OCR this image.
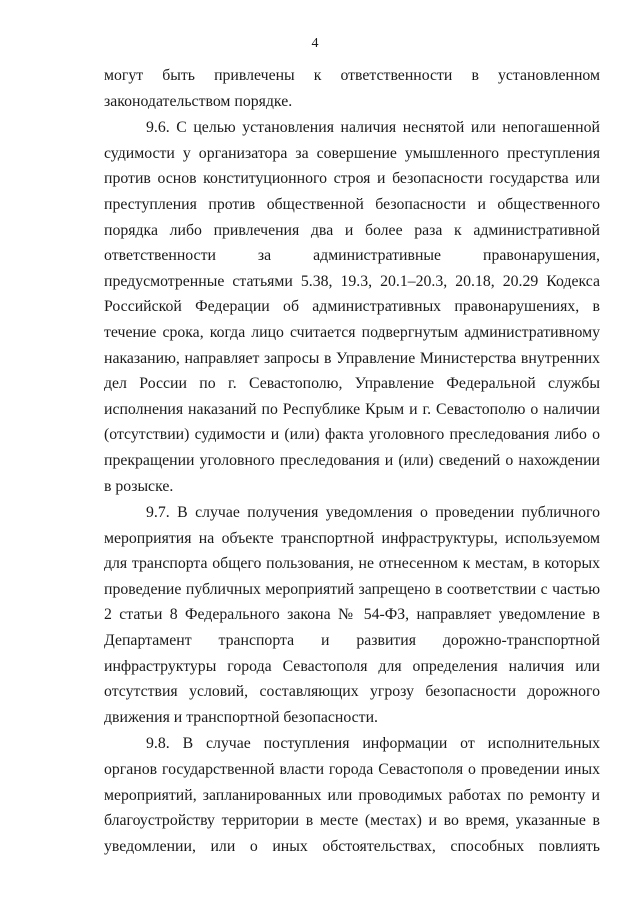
4

могут быть привлечены к ответственности в установленном законодательством порядке.

9.6. С целью установления наличия неснятой или непогашенной судимости у организатора за совершение умышленного преступления против основ конституционного строя и безопасности государства или преступления против общественной безопасности и общественного порядка либо привлечения два и более раза к административной ответственности за административные правонарушения, предусмотренные статьями 5.38, 19.3, 20.1–20.3, 20.18, 20.29 Кодекса Российской Федерации об административных правонарушениях, в течение срока, когда лицо считается подвергнутым административному наказанию, направляет запросы в Управление Министерства внутренних дел России по г. Севастополю, Управление Федеральной службы исполнения наказаний по Республике Крым и г. Севастополю о наличии (отсутствии) судимости и (или) факта уголовного преследования либо о прекращении уголовного преследования и (или) сведений о нахождении в розыске.

9.7. В случае получения уведомления о проведении публичного мероприятия на объекте транспортной инфраструктуры, используемом для транспорта общего пользования, не отнесенном к местам, в которых проведение публичных мероприятий запрещено в соответствии с частью 2 статьи 8 Федерального закона № 54-ФЗ, направляет уведомление в Департамент транспорта и развития дорожно-транспортной инфраструктуры города Севастополя для определения наличия или отсутствия условий, составляющих угрозу безопасности дорожного движения и транспортной безопасности.

9.8. В случае поступления информации от исполнительных органов государственной власти города Севастополя о проведении иных мероприятий, запланированных или проводимых работах по ремонту и благоустройству территории в месте (местах) и во время, указанные в уведомлении, или о иных обстоятельствах, способных повлиять
